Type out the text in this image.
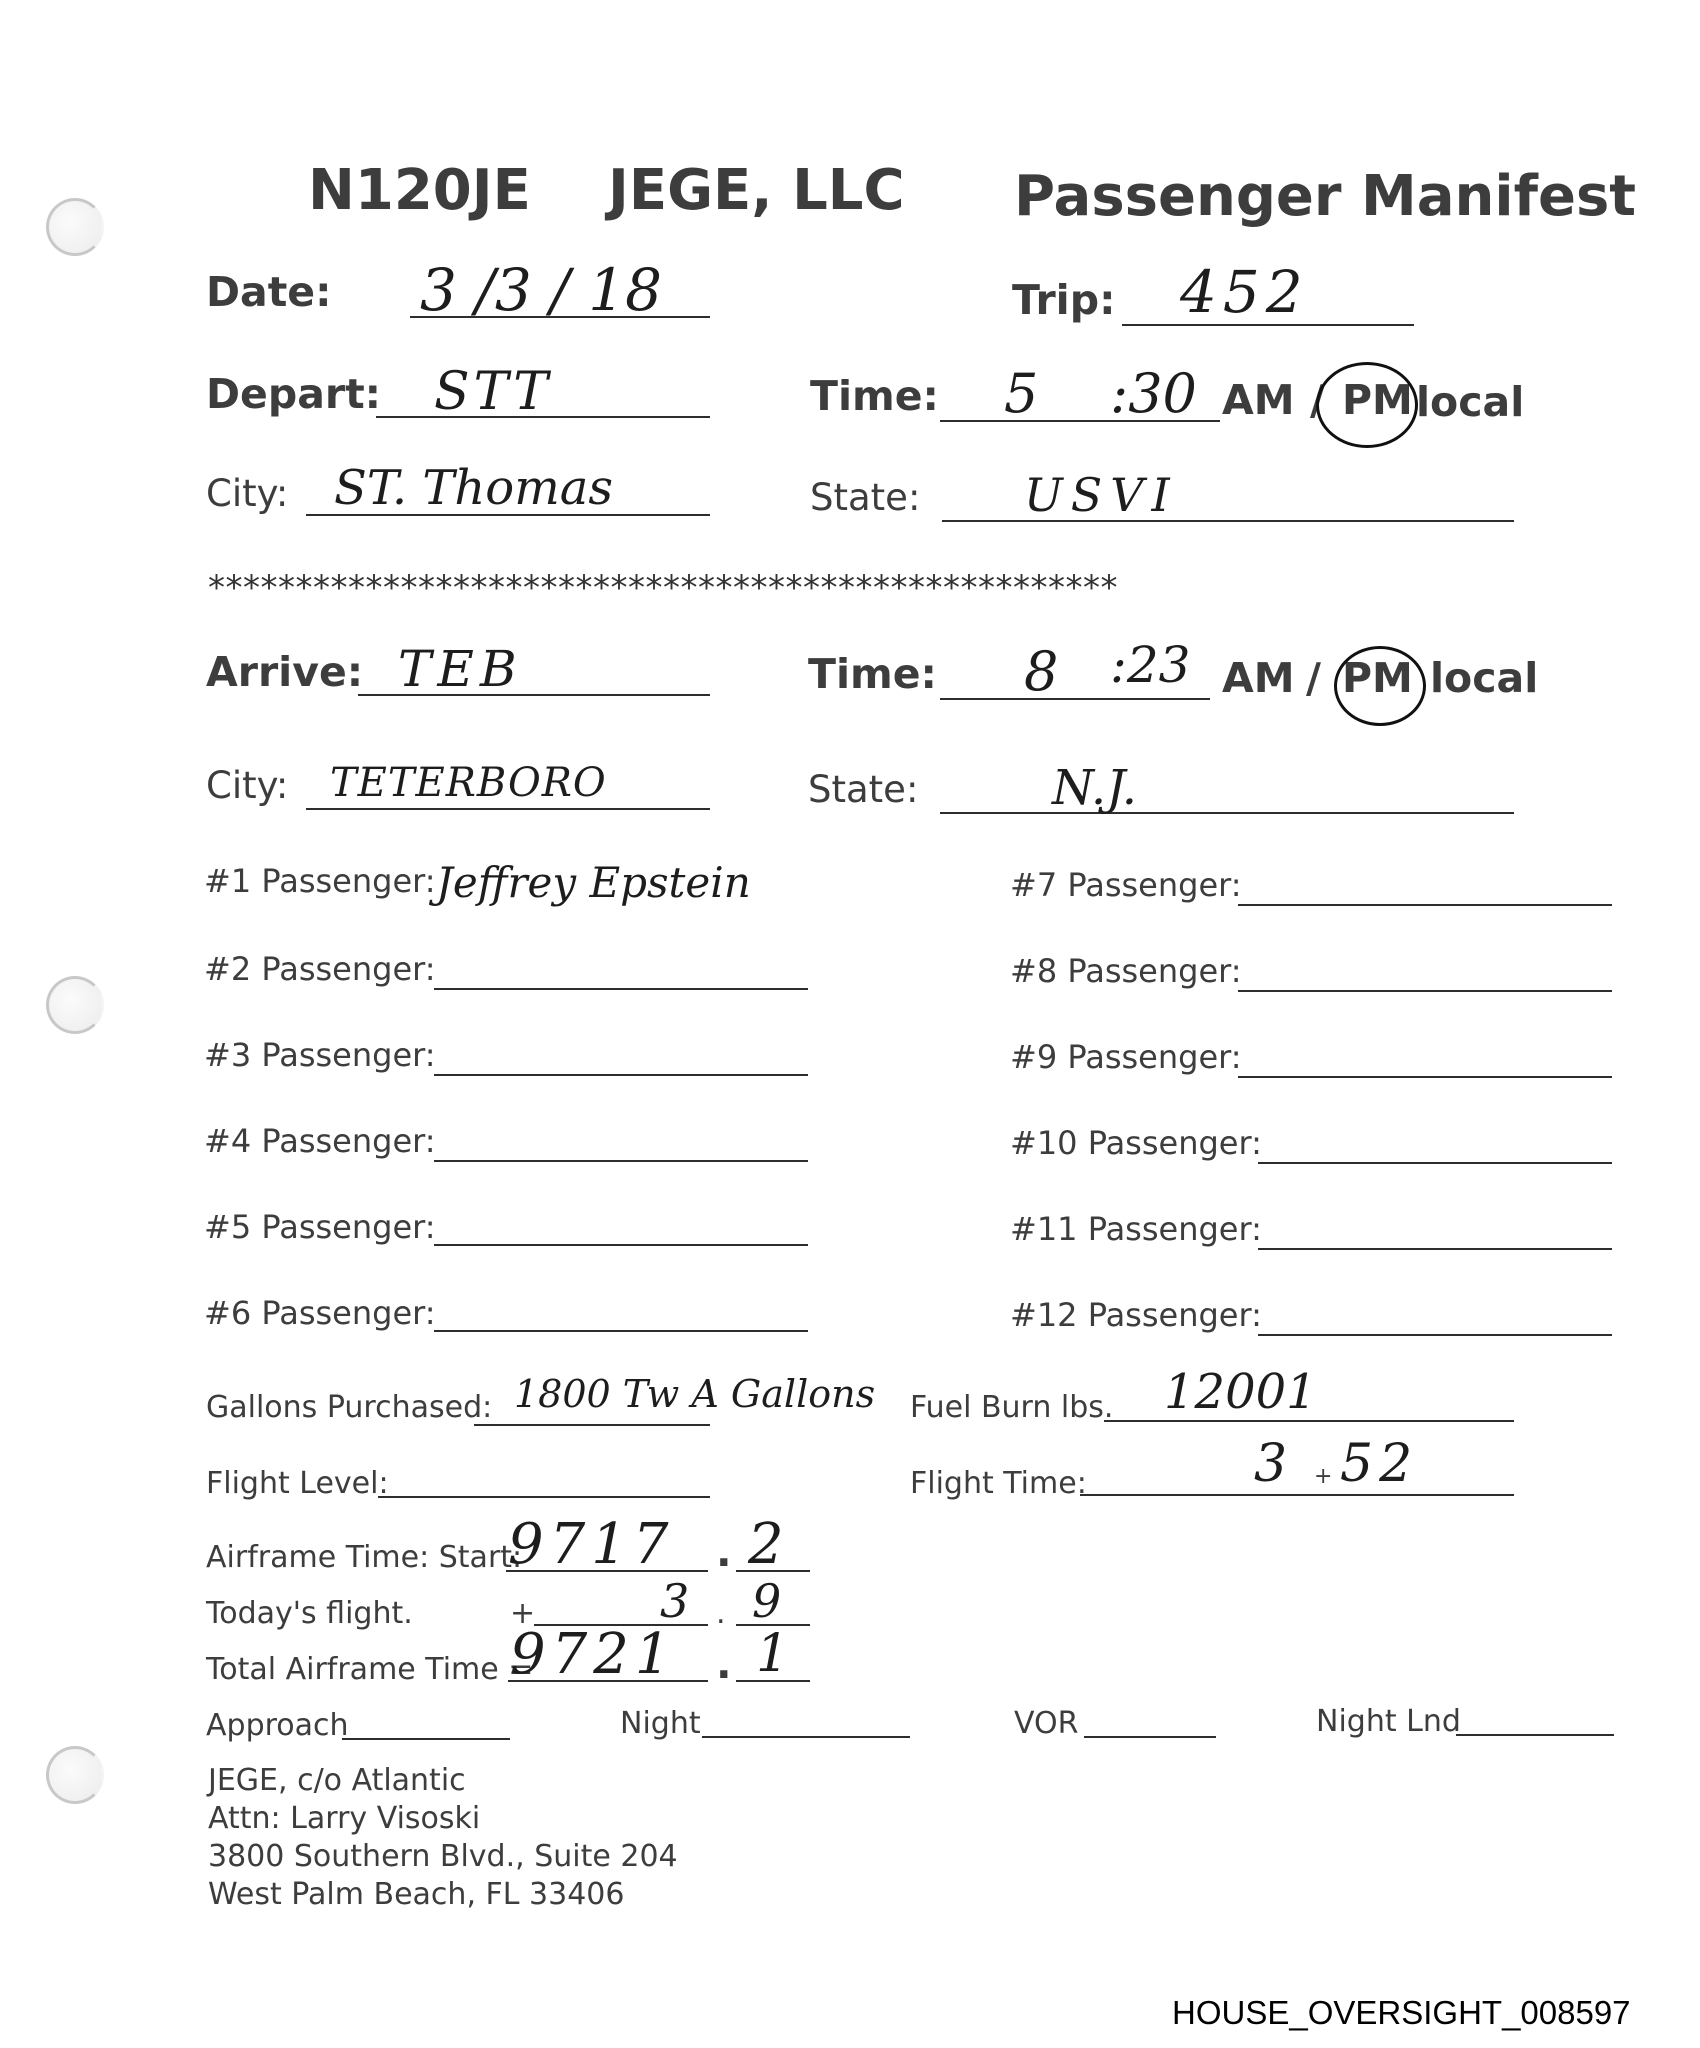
N120JE JEGE, LLC Passenger Manifest
Date: 3 /3 / 18	Trip: 452
Depart: STT	Time: 5 :30 AM / PM local
City: ST. Thomas	State: USVI
****************************************************
Arrive: TEB	Time: 8 :23 AM / PM local
City: TETERBORO	State:	N.J.
#1 Passenger: Jeffrey Epstein
#2 Passenger:
#3 Passenger:
#4 Passenger:
#5 Passenger:
#6 Passenger:
#7 Passenger:
#8 Passenger:
#9 Passenger:
#10 Passenger:
#11 Passenger:
#12 Passenger:
Gallons Purchased: 1800 Tw A Gallons Fuel Burn lbs. 12001
Flight Level:	Flight Time:	3 + 52
Airframe Time: Start:
9717 . 2
Today's flight.	+	3 . 9
Total Airframe Time =
9721 . 1
Approach	Night	VOR	Night Lnd
JEGE, c/o Atlantic
Attn: Larry Visoski
3800 Southern Blvd., Suite 204
West Palm Beach, FL 33406
HOUSE_OVERSIGHT_008597
